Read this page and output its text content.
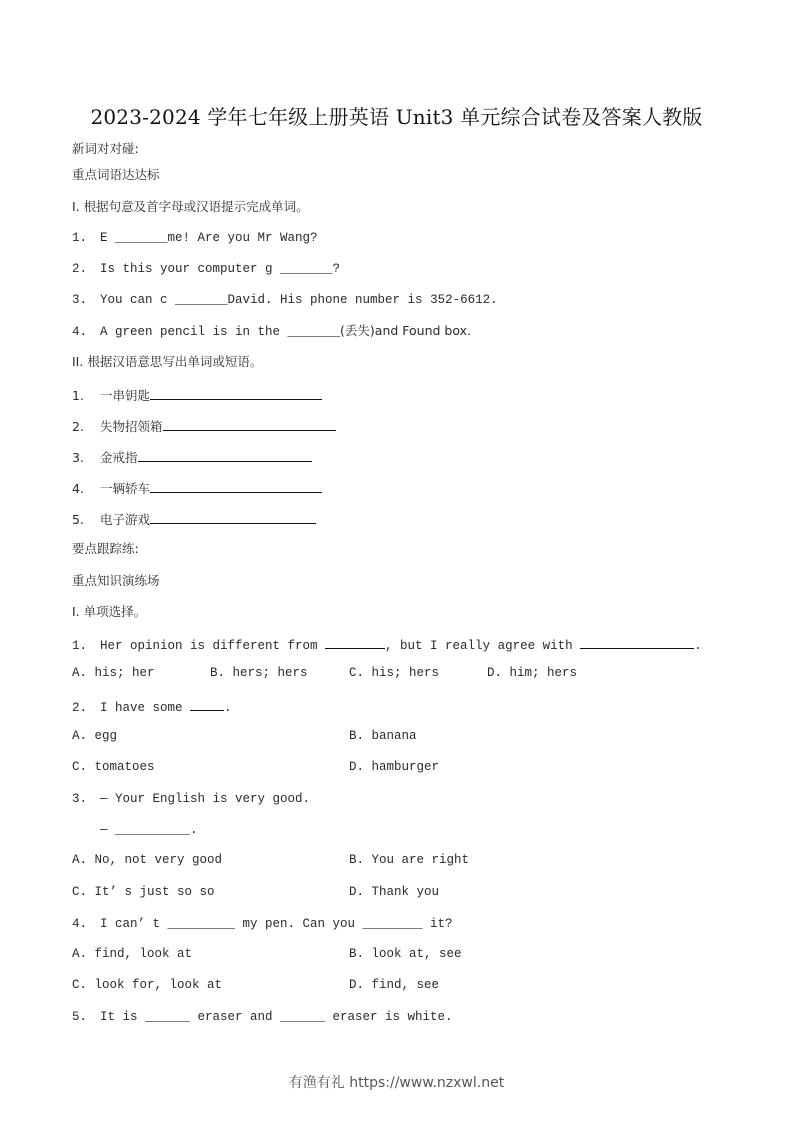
2023-2024 学年七年级上册英语 Unit3 单元综合试卷及答案人教版
新词对对碰:
重点词语达达标
I. 根据句意及首字母或汉语提示完成单词。
1. E _______me! Are you Mr Wang?
2. Is this your computer g _______?
3. You can c _______David. His phone number is 352-6612.
4. A green pencil is in the _______(丢失)and Found box.
II. 根据汉语意思写出单词或短语。
1. 一串钥匙
2. 失物招领箱
3. 金戒指
4. 一辆轿车
5. 电子游戏
要点跟踪练:
重点知识演练场
I. 单项选择。
1. Her opinion is different from	, but I really agree with	.
A. his; her	B. hers; hers	C. his; hers	D. him; hers
2. I have some	.
A. egg	B. banana
C. tomatoes	D. hamburger
3. — Your English is very good.
— __________.
A. No, not very good	B. You are right
C. It’ s just so so	D. Thank you
4. I can’ t _________ my pen. Can you ________ it?
A. find, look at	B. look at, see
C. look for, look at	D. find, see
5. It is ______ eraser and ______ eraser is white.
有渔有礼 https://www.nzxwl.net
